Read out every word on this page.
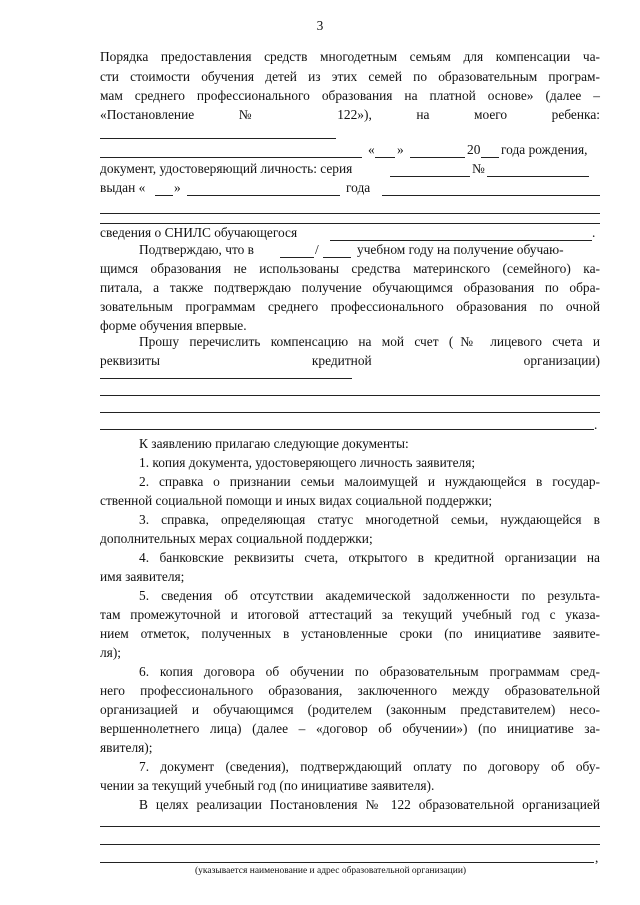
3
Порядка предоставления средств многодетным семьям для компенсации ча-
сти стоимости обучения детей из этих семей по образовательным програм-
мам среднего профессионального образования на платной основе» (далее –
«Постановление № 122»), на моего ребенка:
« »	20 года рождения,
документ, удостоверяющий личность: серия	№
выдан « »	года
сведения о СНИЛС обучающегося	.
Подтверждаю, что в	/	учебном году на получение обучаю-
щимся образования не использованы средства материнского (семейного) ка-
питала, а также подтверждаю получение обучающимся образования по обра-
зовательным программам среднего профессионального образования по очной
форме обучения впервые.
Прошу перечислить компенсацию на мой счет (№ лицевого счета и
реквизиты кредитной организации)
.
К заявлению прилагаю следующие документы:
1. копия документа, удостоверяющего личность заявителя;
2. справка о признании семьи малоимущей и нуждающейся в государ-
ственной социальной помощи и иных видах социальной поддержки;
3. справка, определяющая статус многодетной семьи, нуждающейся в
дополнительных мерах социальной поддержки;
4. банковские реквизиты счета, открытого в кредитной организации на
имя заявителя;
5. сведения об отсутствии академической задолженности по результа-
там промежуточной и итоговой аттестаций за текущий учебный год с указа-
нием отметок, полученных в установленные сроки (по инициативе заявите-
ля);
6. копия договора об обучении по образовательным программам сред-
него профессионального образования, заключенного между образовательной
организацией и обучающимся (родителем (законным представителем) несо-
вершеннолетнего лица) (далее – «договор об обучении») (по инициативе за-
явителя);
7. документ (сведения), подтверждающий оплату по договору об обу-
чении за текущий учебный год (по инициативе заявителя).
В целях реализации Постановления № 122 образовательной организацией
,
(указывается наименование и адрес образовательной организации)
